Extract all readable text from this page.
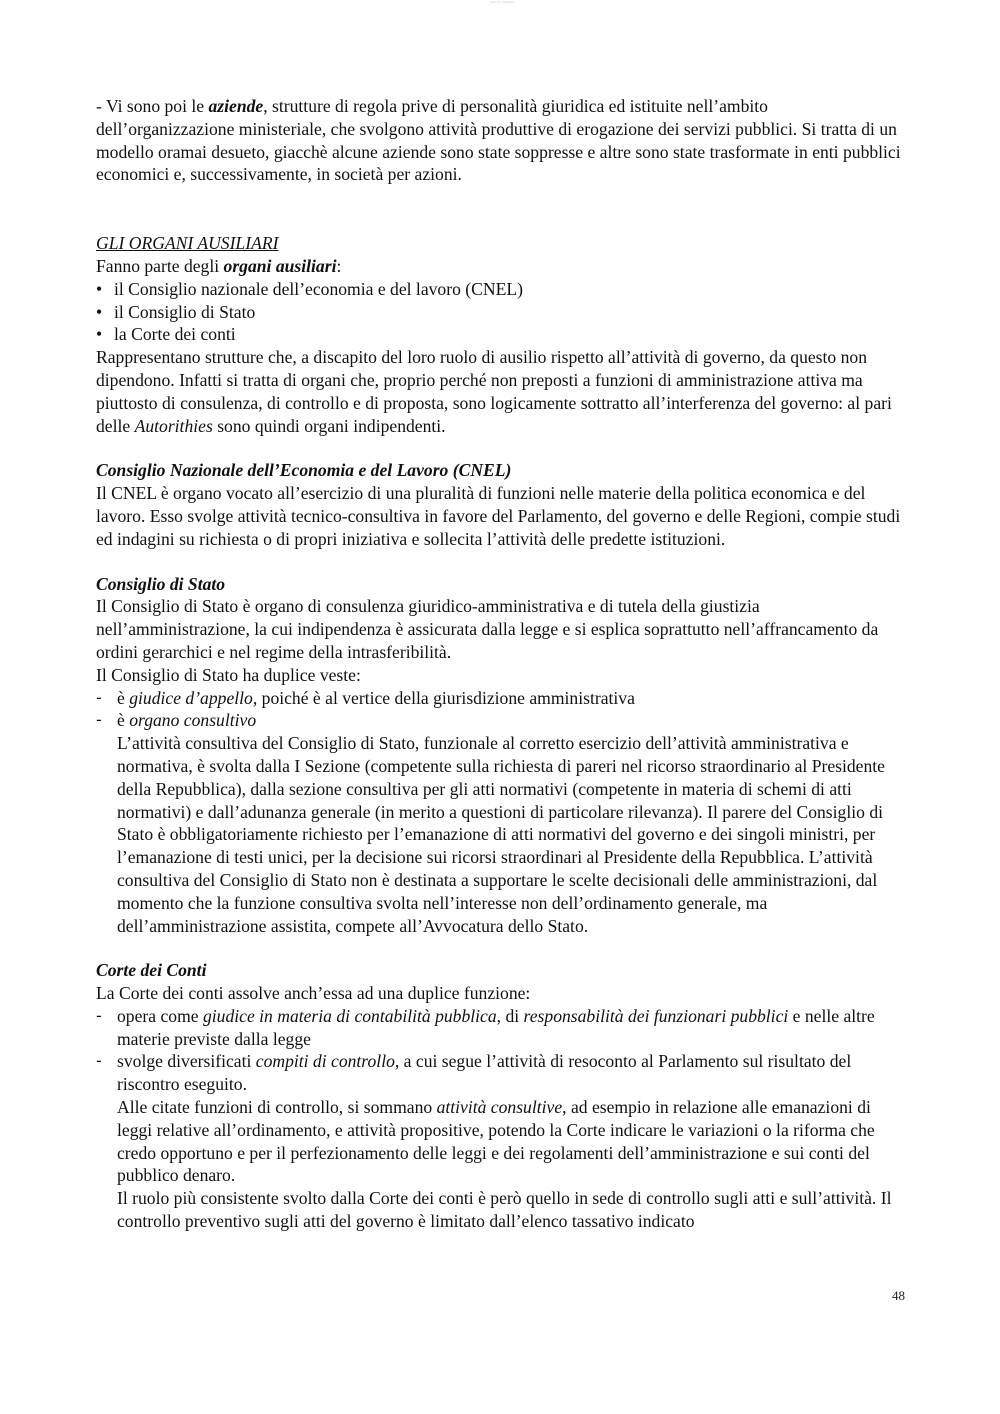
source unknown

- Vi sono poi le aziende, strutture di regola prive di personalità giuridica ed istituite nell’ambito dell’organizzazione ministeriale, che svolgono attività produttive di erogazione dei servizi pubblici. Si tratta di un modello oramai desueto, giacchè alcune aziende sono state soppresse e altre sono state trasformate in enti pubblici economici e, successivamente, in società per azioni.

GLI ORGANI AUSILIARI

Fanno parte degli organi ausiliari:

• il Consiglio nazionale dell’economia e del lavoro (CNEL)
• il Consiglio di Stato
• la Corte dei conti

Rappresentano strutture che, a discapito del loro ruolo di ausilio rispetto all’attività di governo, da questo non dipendono. Infatti si tratta di organi che, proprio perché non preposti a funzioni di amministrazione attiva ma piuttosto di consulenza, di controllo e di proposta, sono logicamente sottratto all’interferenza del governo: al pari delle Autorithies sono quindi organi indipendenti.

Consiglio Nazionale dell’Economia e del Lavoro (CNEL)

Il CNEL è organo vocato all’esercizio di una pluralità di funzioni nelle materie della politica economica e del lavoro. Esso svolge attività tecnico-consultiva in favore del Parlamento, del governo e delle Regioni, compie studi ed indagini su richiesta o di propri iniziativa e sollecita l’attività delle predette istituzioni.

Consiglio di Stato

Il Consiglio di Stato è organo di consulenza giuridico-amministrativa e di tutela della giustizia nell’amministrazione, la cui indipendenza è assicurata dalla legge e si esplica soprattutto nell’affrancamento da ordini gerarchici e nel regime della intrasferibilità.

Il Consiglio di Stato ha duplice veste:

- è giudice d’appello, poiché è al vertice della giurisdizione amministrativa
- è organo consultivo

L’attività consultiva del Consiglio di Stato, funzionale al corretto esercizio dell’attività amministrativa e normativa, è svolta dalla I Sezione (competente sulla richiesta di pareri nel ricorso straordinario al Presidente della Repubblica), dalla sezione consultiva per gli atti normativi (competente in materia di schemi di atti normativi) e dall’adunanza generale (in merito a questioni di particolare rilevanza). Il parere del Consiglio di Stato è obbligatoriamente richiesto per l’emanazione di atti normativi del governo e dei singoli ministri, per l’emanazione di testi unici, per la decisione sui ricorsi straordinari al Presidente della Repubblica. L’attività consultiva del Consiglio di Stato non è destinata a supportare le scelte decisionali delle amministrazioni, dal momento che la funzione consultiva svolta nell’interesse non dell’ordinamento generale, ma dell’amministrazione assistita, compete all’Avvocatura dello Stato.

Corte dei Conti

La Corte dei conti assolve anch’essa ad una duplice funzione:

- opera come giudice in materia di contabilità pubblica, di responsabilità dei funzionari pubblici e nelle altre materie previste dalla legge
- svolge diversificati compiti di controllo, a cui segue l’attività di resoconto al Parlamento sul risultato del riscontro eseguito.

Alle citate funzioni di controllo, si sommano attività consultive, ad esempio in relazione alle emanazioni di leggi relative all’ordinamento, e attività propositive, potendo la Corte indicare le variazioni o la riforma che credo opportuno e per il perfezionamento delle leggi e dei regolamenti dell’amministrazione e sui conti del pubblico denaro.

Il ruolo più consistente svolto dalla Corte dei conti è però quello in sede di controllo sugli atti e sull’attività. Il controllo preventivo sugli atti del governo è limitato dall’elenco tassativo indicato

48
